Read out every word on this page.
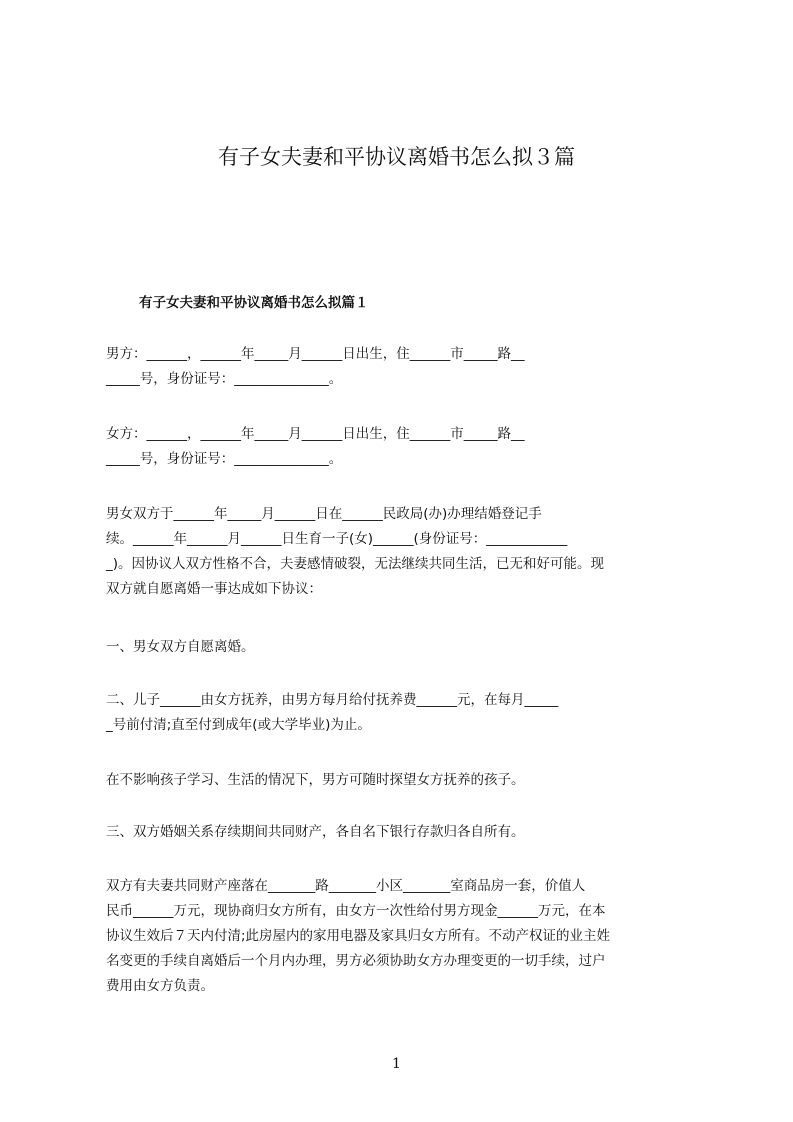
有子女夫妻和平协议离婚书怎么拟３篇
有子女夫妻和平协议离婚书怎么拟篇１
男方：______，______年_____月______日出生，住______市_____路__
_____号，身份证号：______________。
女方：______，______年_____月______日出生，住______市_____路__
_____号，身份证号：______________。
男女双方于______年_____月______日在______民政局(办)办理结婚登记手
续。______年______月______日生育一子(女)______(身份证号：____________
_)。因协议人双方性格不合，夫妻感情破裂，无法继续共同生活，已无和好可能。现
双方就自愿离婚一事达成如下协议：
一、男女双方自愿离婚。
二、儿子______由女方抚养，由男方每月给付抚养费______元，在每月_____
_号前付清;直至付到成年(或大学毕业)为止。
在不影响孩子学习、生活的情况下，男方可随时探望女方抚养的孩子。
三、双方婚姻关系存续期间共同财产，各自名下银行存款归各自所有。
双方有夫妻共同财产座落在_______路_______小区_______室商品房一套，价值人
民币______万元，现协商归女方所有，由女方一次性给付男方现金______万元，在本
协议生效后７天内付清;此房屋内的家用电器及家具归女方所有。不动产权证的业主姓
名变更的手续自离婚后一个月内办理，男方必须协助女方办理变更的一切手续，过户
费用由女方负责。
1
